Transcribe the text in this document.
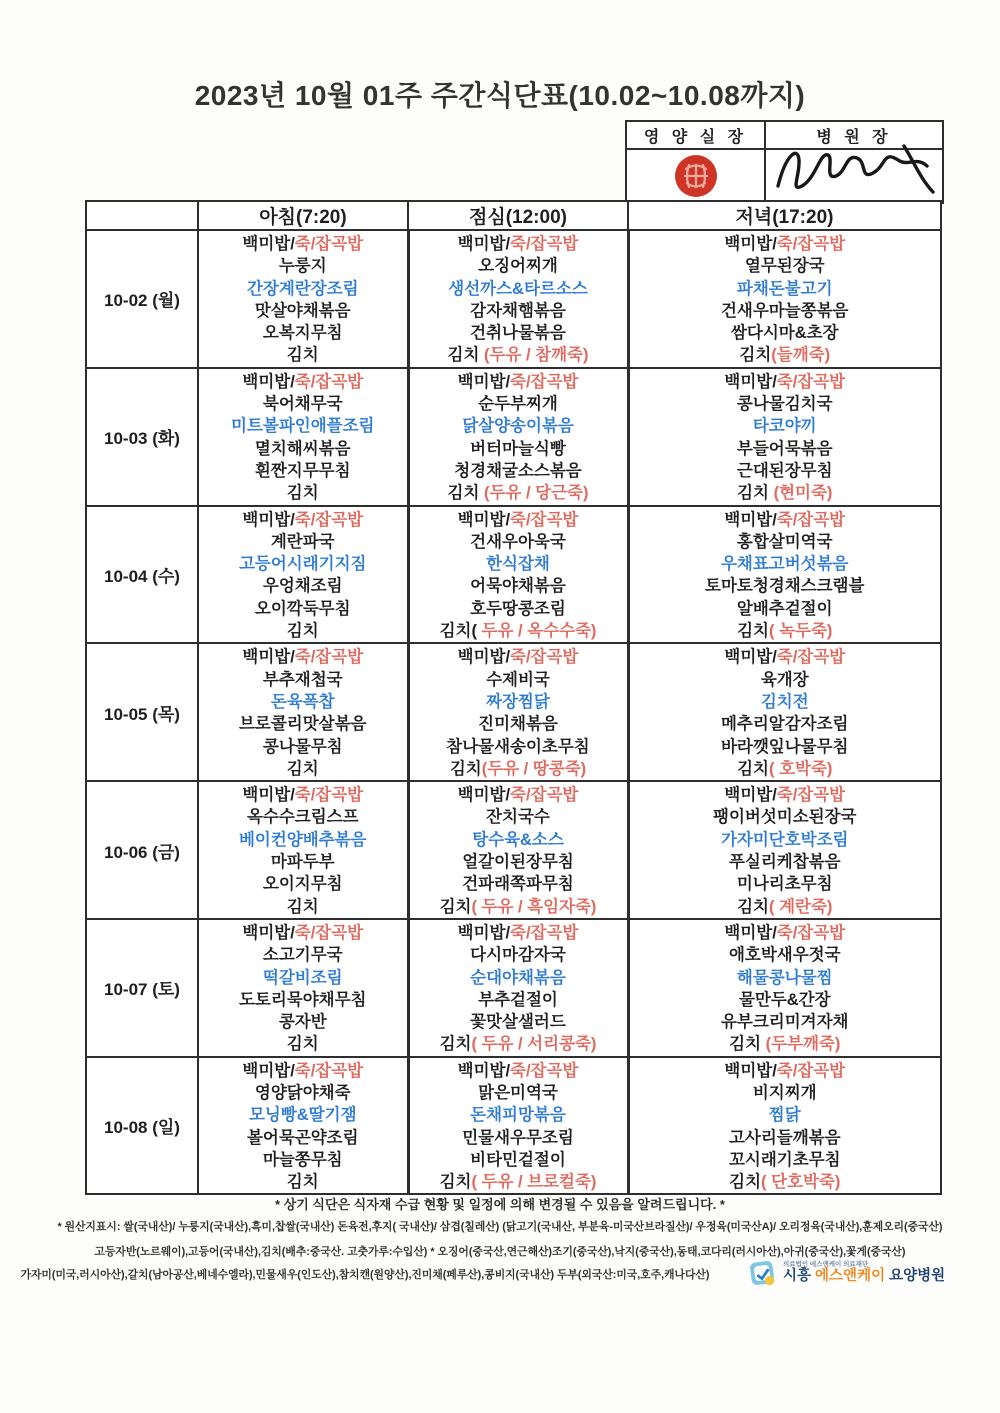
2023년 10월 01주 주간식단표(10.02~10.08까지)
영 양 실 장	병 원 장
	아침(7:20)	점심(12:00)	저녁(17:20)
10-02 (월)	
백미밥/죽/잡곡밥
누룽지
간장계란장조림
맛살야채볶음
오복지무침
김치

백미밥/죽/잡곡밥
오징어찌개
생선까스&타르소스
감자채햄볶음
건취나물볶음
김치 (두유 / 참깨죽)

백미밥/죽/잡곡밥
열무된장국
파채돈불고기
건새우마늘쫑볶음
쌈다시마&초장
김치(들깨죽)

10-03 (화)	
백미밥/죽/잡곡밥
북어채무국
미트볼파인애플조림
멸치해씨볶음
흰짠지무무침
김치

백미밥/죽/잡곡밥
순두부찌개
닭살양송이볶음
버터마늘식빵
청경채굴소스볶음
김치 (두유 / 당근죽)

백미밥/죽/잡곡밥
콩나물김치국
타코야끼
부들어묵볶음
근대된장무침
김치 (현미죽)

10-04 (수)	
백미밥/죽/잡곡밥
계란파국
고등어시래기지짐
우엉채조림
오이깍둑무침
김치

백미밥/죽/잡곡밥
건새우아욱국
한식잡채
어묵야채볶음
호두땅콩조림
김치( 두유 / 옥수수죽)

백미밥/죽/잡곡밥
홍합살미역국
우채표고버섯볶음
토마토청경채스크램블
알배추겉절이
김치( 녹두죽)

10-05 (목)	
백미밥/죽/잡곡밥
부추재첩국
돈육폭찹
브로콜리맛살볶음
콩나물무침
김치

백미밥/죽/잡곡밥
수제비국
짜장찜닭
진미채볶음
참나물새송이초무침
김치(두유 / 땅콩죽)

백미밥/죽/잡곡밥
육개장
김치전
메추리알감자조림
바라깻잎나물무침
김치( 호박죽)

10-06 (금)	
백미밥/죽/잡곡밥
옥수수크림스프
베이컨양배추볶음
마파두부
오이지무침
김치

백미밥/죽/잡곡밥
잔치국수
탕수육&소스
얼갈이된장무침
건파래쪽파무침
김치( 두유 / 흑임자죽)

백미밥/죽/잡곡밥
팽이버섯미소된장국
가자미단호박조림
푸실리케찹볶음
미나리초무침
김치( 계란죽)

10-07 (토)	
백미밥/죽/잡곡밥
소고기무국
떡갈비조림
도토리묵야채무침
콩자반
김치

백미밥/죽/잡곡밥
다시마감자국
순대야채볶음
부추겉절이
꽃맛살샐러드
김치( 두유 / 서리콩죽)

백미밥/죽/잡곡밥
애호박새우젓국
해물콩나물찜
물만두&간장
유부크리미겨자채
김치 (두부깨죽)

10-08 (일)	
백미밥/죽/잡곡밥
영양닭야채죽
모닝빵&딸기잼
볼어묵곤약조림
마늘쫑무침
김치

백미밥/죽/잡곡밥
맑은미역국
돈채피망볶음
민물새우무조림
비타민겉절이
김치( 두유 / 브로컬죽)

백미밥/죽/잡곡밥
비지찌개
찜닭
고사리들깨볶음
꼬시래기초무침
김치( 단호박죽)
* 상기 식단은 식자재 수급 현황 및 일정에 의해 변경될 수 있음을 알려드립니다. *
* 원산지표시: 쌀(국내산)/ 누룽지(국내산),흑미,찹쌀(국내산) 돈육전,후지( 국내산)/ 삼겹(칠레산) (닭고기(국내산, 부분육-미국산브라질산)/ 우정육(미국산A)/ 오리정육(국내산),훈제오리(중국산)
고등자반(노르웨이),고등어(국내산),김치(배추:중국산. 고춧가루:수입산) * 오징어(중국산,연근해산)조기(중국산),낙지(중국산),동태,코다리(러시아산),아귀(중국산),꽃게(중국산)
가자미(미국,러시아산),갈치(남아공산,베네수엘라),민물새우(인도산),참치캔(원양산),진미채(페루산),콩비지(국내산) 두부(외국산:미국,호주,캐나다산)
의료법인 에스앤케이 의료재단
시흥 에스앤케이 요양병원
